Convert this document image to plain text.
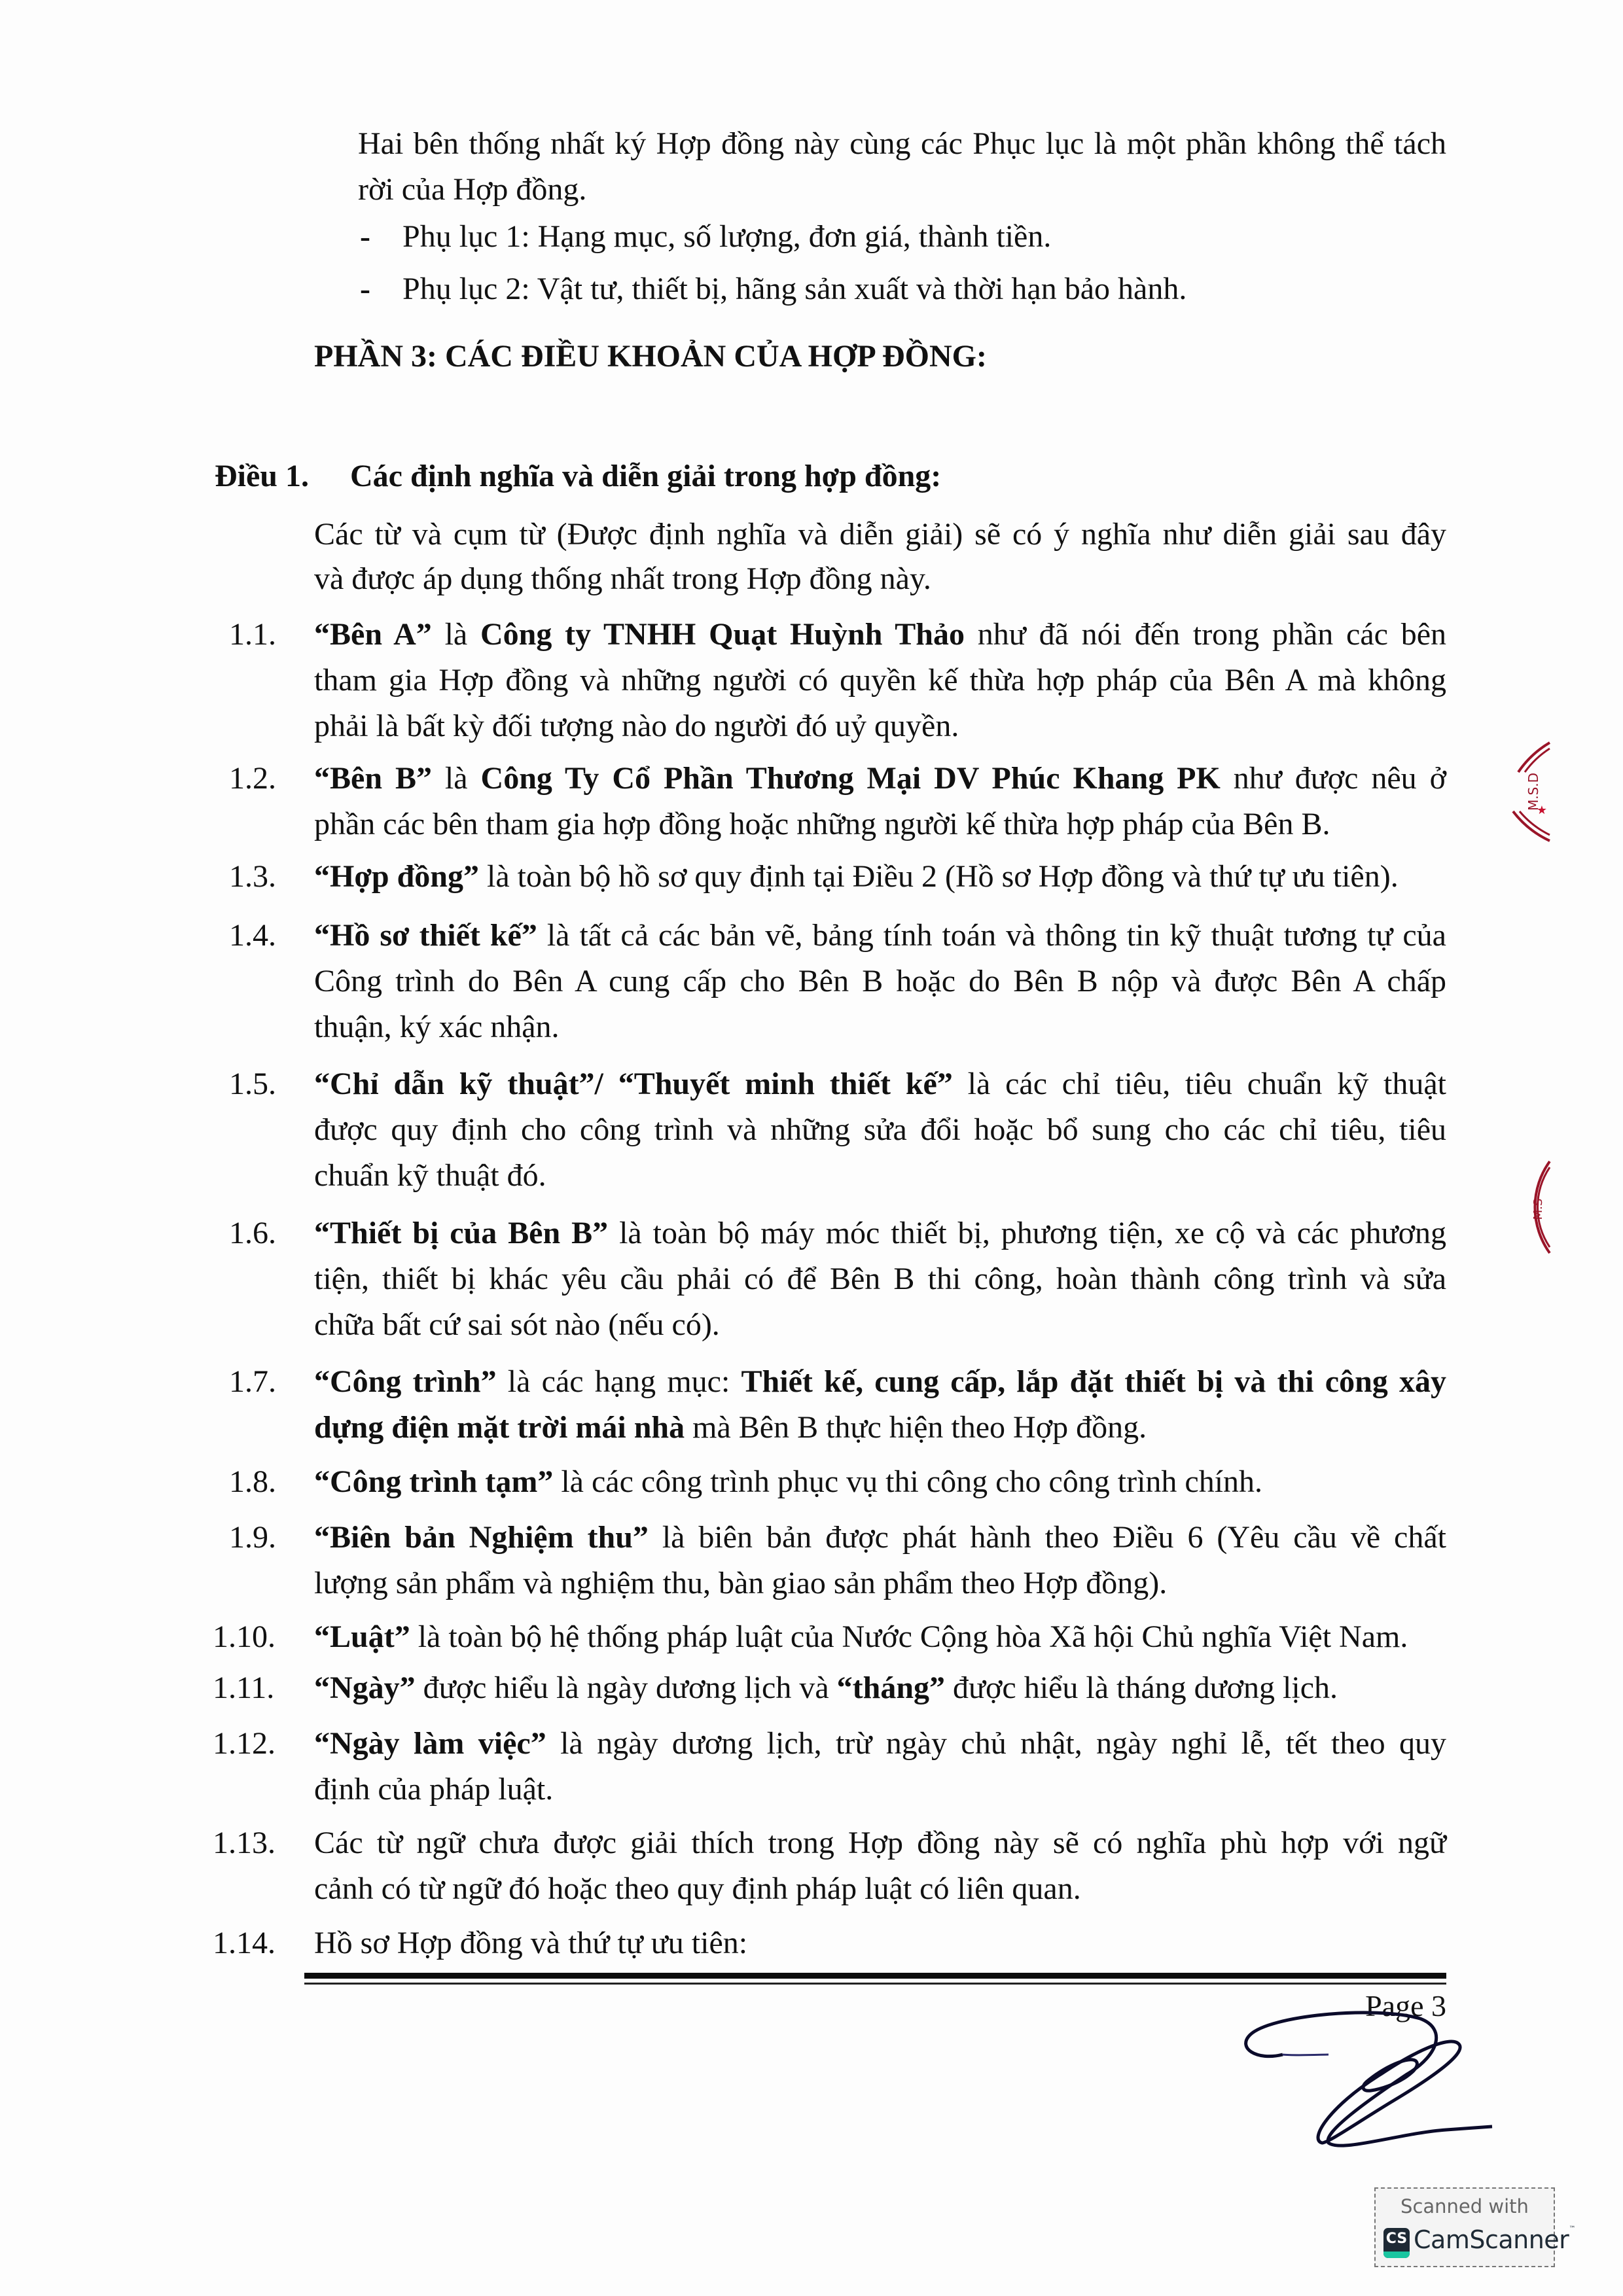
Hai bên thống nhất ký Hợp đồng này cùng các Phục lục là một phần không thể tách
rời của Hợp đồng.
- Phụ lục 1: Hạng mục, số lượng, đơn giá, thành tiền.
- Phụ lục 2: Vật tư, thiết bị, hãng sản xuất và thời hạn bảo hành.
PHẦN 3: CÁC ĐIỀU KHOẢN CỦA HỢP ĐỒNG:
Điều 1. Các định nghĩa và diễn giải trong hợp đồng:
Các từ và cụm từ (Được định nghĩa và diễn giải) sẽ có ý nghĩa như diễn giải sau đây
và được áp dụng thống nhất trong Hợp đồng này.
1.1. “Bên A” là Công ty TNHH Quạt Huỳnh Thảo như đã nói đến trong phần các bên
tham gia Hợp đồng và những người có quyền kế thừa hợp pháp của Bên A mà không
phải là bất kỳ đối tượng nào do người đó uỷ quyền.
1.2. “Bên B” là Công Ty Cổ Phần Thương Mại DV Phúc Khang PK như được nêu ở
phần các bên tham gia hợp đồng hoặc những người kế thừa hợp pháp của Bên B.
1.3. “Hợp đồng” là toàn bộ hồ sơ quy định tại Điều 2 (Hồ sơ Hợp đồng và thứ tự ưu tiên).
1.4. “Hồ sơ thiết kế” là tất cả các bản vẽ, bảng tính toán và thông tin kỹ thuật tương tự của
Công trình do Bên A cung cấp cho Bên B hoặc do Bên B nộp và được Bên A chấp
thuận, ký xác nhận.
1.5. “Chỉ dẫn kỹ thuật”/ “Thuyết minh thiết kế” là các chỉ tiêu, tiêu chuẩn kỹ thuật
được quy định cho công trình và những sửa đổi hoặc bổ sung cho các chỉ tiêu, tiêu
chuẩn kỹ thuật đó.
1.6. “Thiết bị của Bên B” là toàn bộ máy móc thiết bị, phương tiện, xe cộ và các phương
tiện, thiết bị khác yêu cầu phải có để Bên B thi công, hoàn thành công trình và sửa
chữa bất cứ sai sót nào (nếu có).
1.7. “Công trình” là các hạng mục: Thiết kế, cung cấp, lắp đặt thiết bị và thi công xây
dựng điện mặt trời mái nhà mà Bên B thực hiện theo Hợp đồng.
1.8. “Công trình tạm” là các công trình phục vụ thi công cho công trình chính.
1.9. “Biên bản Nghiệm thu” là biên bản được phát hành theo Điều 6 (Yêu cầu về chất
lượng sản phẩm và nghiệm thu, bàn giao sản phẩm theo Hợp đồng).
1.10. “Luật” là toàn bộ hệ thống pháp luật của Nước Cộng hòa Xã hội Chủ nghĩa Việt Nam.
1.11. “Ngày” được hiểu là ngày dương lịch và “tháng” được hiểu là tháng dương lịch.
1.12. “Ngày làm việc” là ngày dương lịch, trừ ngày chủ nhật, ngày nghỉ lễ, tết theo quy
định của pháp luật.
1.13. Các từ ngữ chưa được giải thích trong Hợp đồng này sẽ có nghĩa phù hợp với ngữ
cảnh có từ ngữ đó hoặc theo quy định pháp luật có liên quan.
1.14. Hồ sơ Hợp đồng và thứ tự ưu tiên:
Page 3
M.S.D
★
M.S
Scanned with
CS CamScanner™
